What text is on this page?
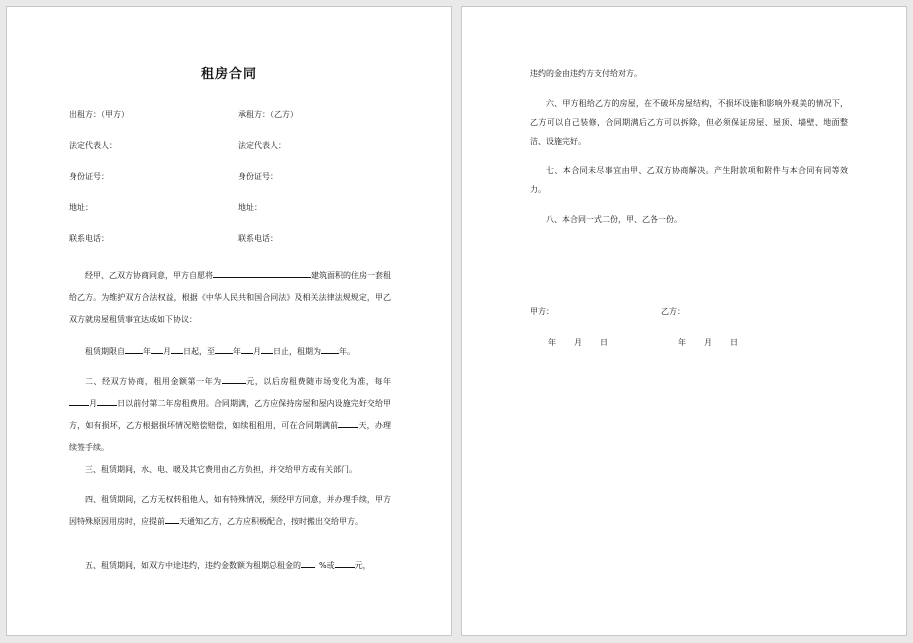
租房合同
出租方：（甲方）	承租方：（乙方）
法定代表人：	法定代表人：
身份证号：	身份证号：
地址：	地址：
联系电话：	联系电话：
经甲、乙双方协商同意，甲方自愿将	建筑面积的住房一套租给乙方。为维护双方合法权益，根据《中华人民共和国合同法》及相关法律法规规定，甲乙双方就房屋租赁事宜达成如下协议：
租赁期限自 年 月 日起，至 年 月 日止，租期为 年。
二、经双方协商，租用金额第一年为	元，以后房租费随市场变化为准，每年月	日以前付第二年房租费用。合同期满，乙方应保持房屋和屋内设施完好交给甲方，如有损坏，乙方根据损坏情况赔偿赔偿，如续租租用，可在合同期满前	天，办理续签手续。
三、租赁期间，水、电、暖及其它费用由乙方负担，并交给甲方或有关部门。
四、租赁期间，乙方无权转租他人，如有特殊情况，须经甲方同意，并办理手续，甲方因特殊原因用房时，应提前 天通知乙方，乙方应积极配合，按时搬出交给甲方。
五、租赁期间，如双方中途违约，违约金数额为租期总租金的 %或	元，
违约的金由违约方支付给对方。
六、甲方租给乙方的房屋，在不破坏房屋结构，不损坏设施和影响外观美的情况下，乙方可以自己装修，合同期满后乙方可以拆除，但必须保证房屋、屋顶、墙壁、地面整洁、设施完好。
七、本合同未尽事宜由甲、乙双方协商解决。产生附款项和附件与本合同有同等效力。
八、本合同一式二份，甲、乙各一份。
甲方：	乙方：
年 月 日	年 月 日
